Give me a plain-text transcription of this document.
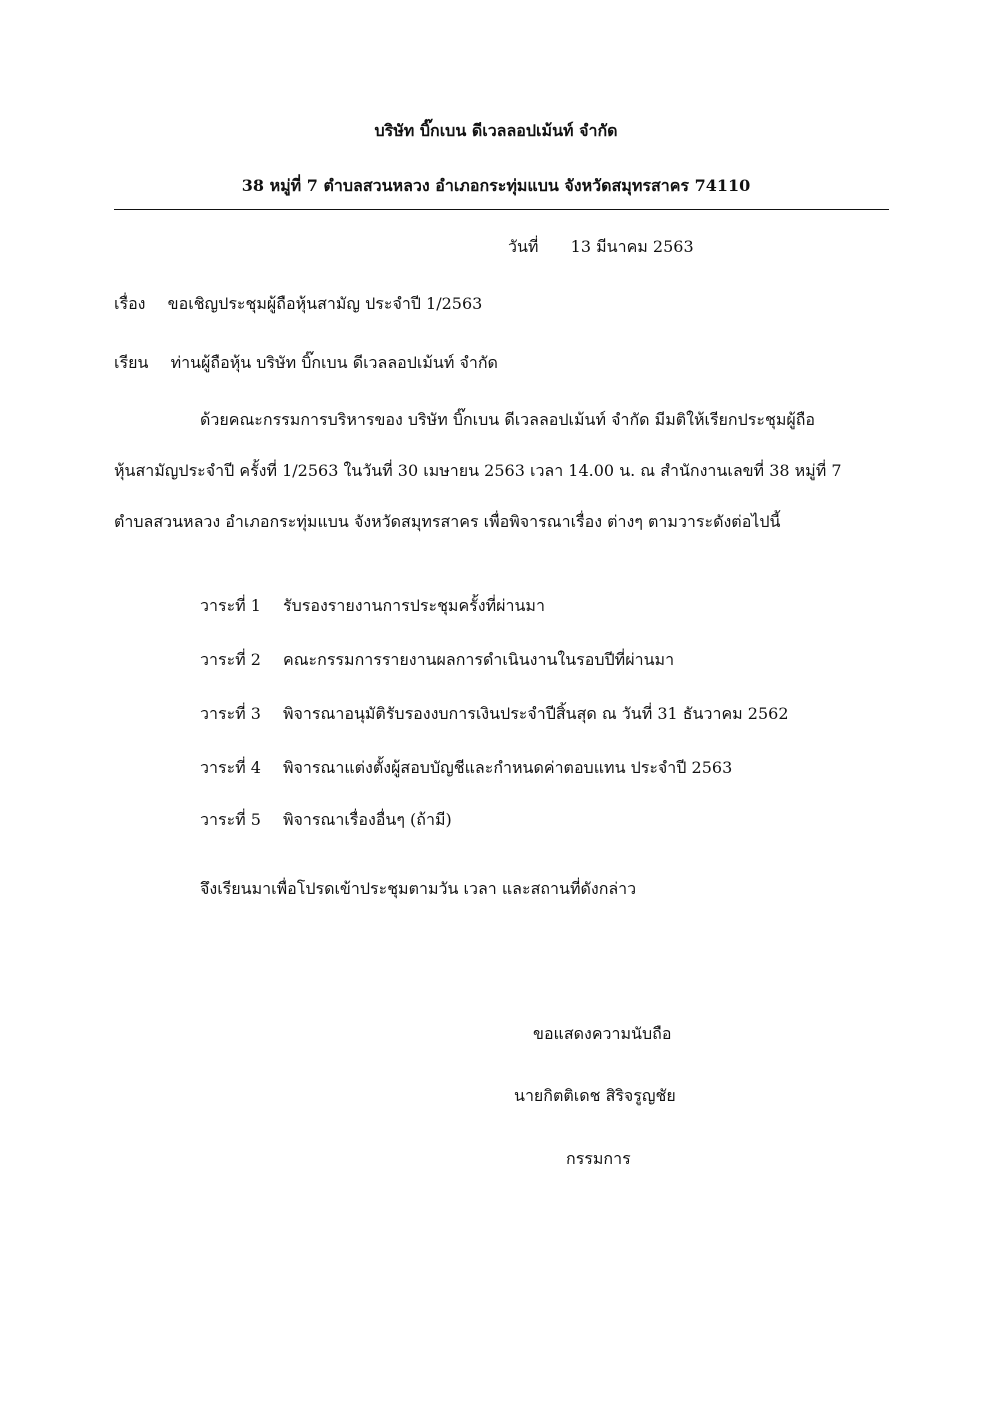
บริษัท บิ๊กเบน ดีเวลลอปเม้นท์ จำกัด
38 หมู่ที่ 7 ตำบลสวนหลวง อำเภอกระทุ่มแบน จังหวัดสมุทรสาคร 74110
วันที่ 13 มีนาคม 2563
เรื่อง ขอเชิญประชุมผู้ถือหุ้นสามัญ ประจำปี 1/2563
เรียน ท่านผู้ถือหุ้น บริษัท บิ๊กเบน ดีเวลลอปเม้นท์ จำกัด
ด้วยคณะกรรมการบริหารของ บริษัท บิ๊กเบน ดีเวลลอปเม้นท์ จำกัด มีมติให้เรียกประชุมผู้ถือ
หุ้นสามัญประจำปี ครั้งที่ 1/2563 ในวันที่ 30 เมษายน 2563 เวลา 14.00 น. ณ สำนักงานเลขที่ 38 หมู่ที่ 7
ตำบลสวนหลวง อำเภอกระทุ่มแบน จังหวัดสมุทรสาคร เพื่อพิจารณาเรื่อง ต่างๆ ตามวาระดังต่อไปนี้
วาระที่ 1 รับรองรายงานการประชุมครั้งที่ผ่านมา
วาระที่ 2 คณะกรรมการรายงานผลการดำเนินงานในรอบปีที่ผ่านมา
วาระที่ 3 พิจารณาอนุมัติรับรองงบการเงินประจำปีสิ้นสุด ณ วันที่ 31 ธันวาคม 2562
วาระที่ 4 พิจารณาแต่งตั้งผู้สอบบัญชีและกำหนดค่าตอบแทน ประจำปี 2563
วาระที่ 5 พิจารณาเรื่องอื่นๆ (ถ้ามี)
จึงเรียนมาเพื่อโปรดเข้าประชุมตามวัน เวลา และสถานที่ดังกล่าว
ขอแสดงความนับถือ
นายกิตติเดช สิริจรูญชัย
กรรมการ
